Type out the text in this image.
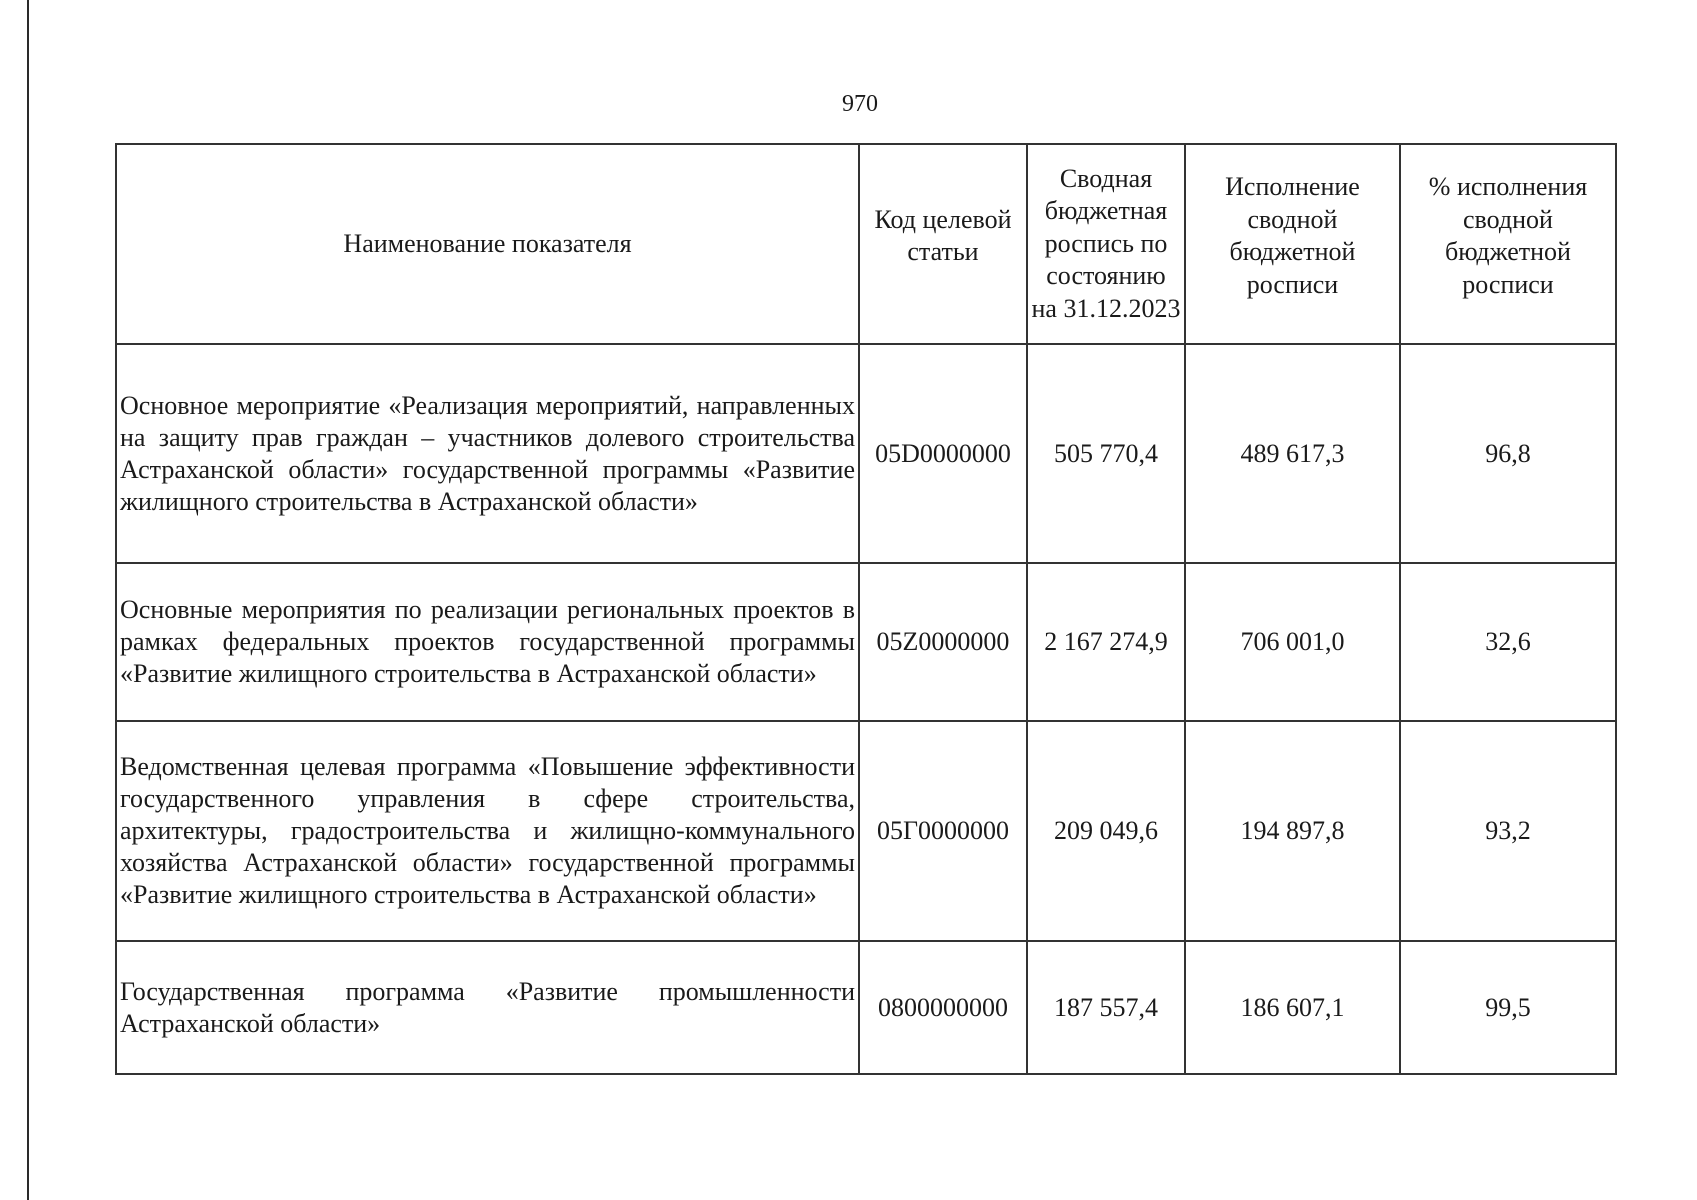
970
Наименование показателя	Код целевой статьи	Сводная бюджетная роспись по состоянию на 31.12.2023	Исполнение сводной бюджетной росписи	% исполнения сводной бюджетной росписи

Основное мероприятие «Реализация мероприятий, направленных на защиту прав граждан – участников долевого строительства Астраханской области» государственной программы «Развитие жилищного строительства в Астраханской области»	05D0000000	505 770,4	489 617,3	96,8

Основные мероприятия по реализации региональных проектов в рамках федеральных проектов государственной программы «Развитие жилищного строительства в Астраханской области»	05Z0000000	2 167 274,9	706 001,0	32,6

Ведомственная целевая программа «Повышение эффективности государственного управления в сфере строительства, архитектуры, градостроительства и жилищно-коммунального хозяйства Астраханской области» государственной программы «Развитие жилищного строительства в Астраханской области»	05Г0000000	209 049,6	194 897,8	93,2

Государственная программа «Развитие промышленности Астраханской области»	0800000000	187 557,4	186 607,1	99,5
